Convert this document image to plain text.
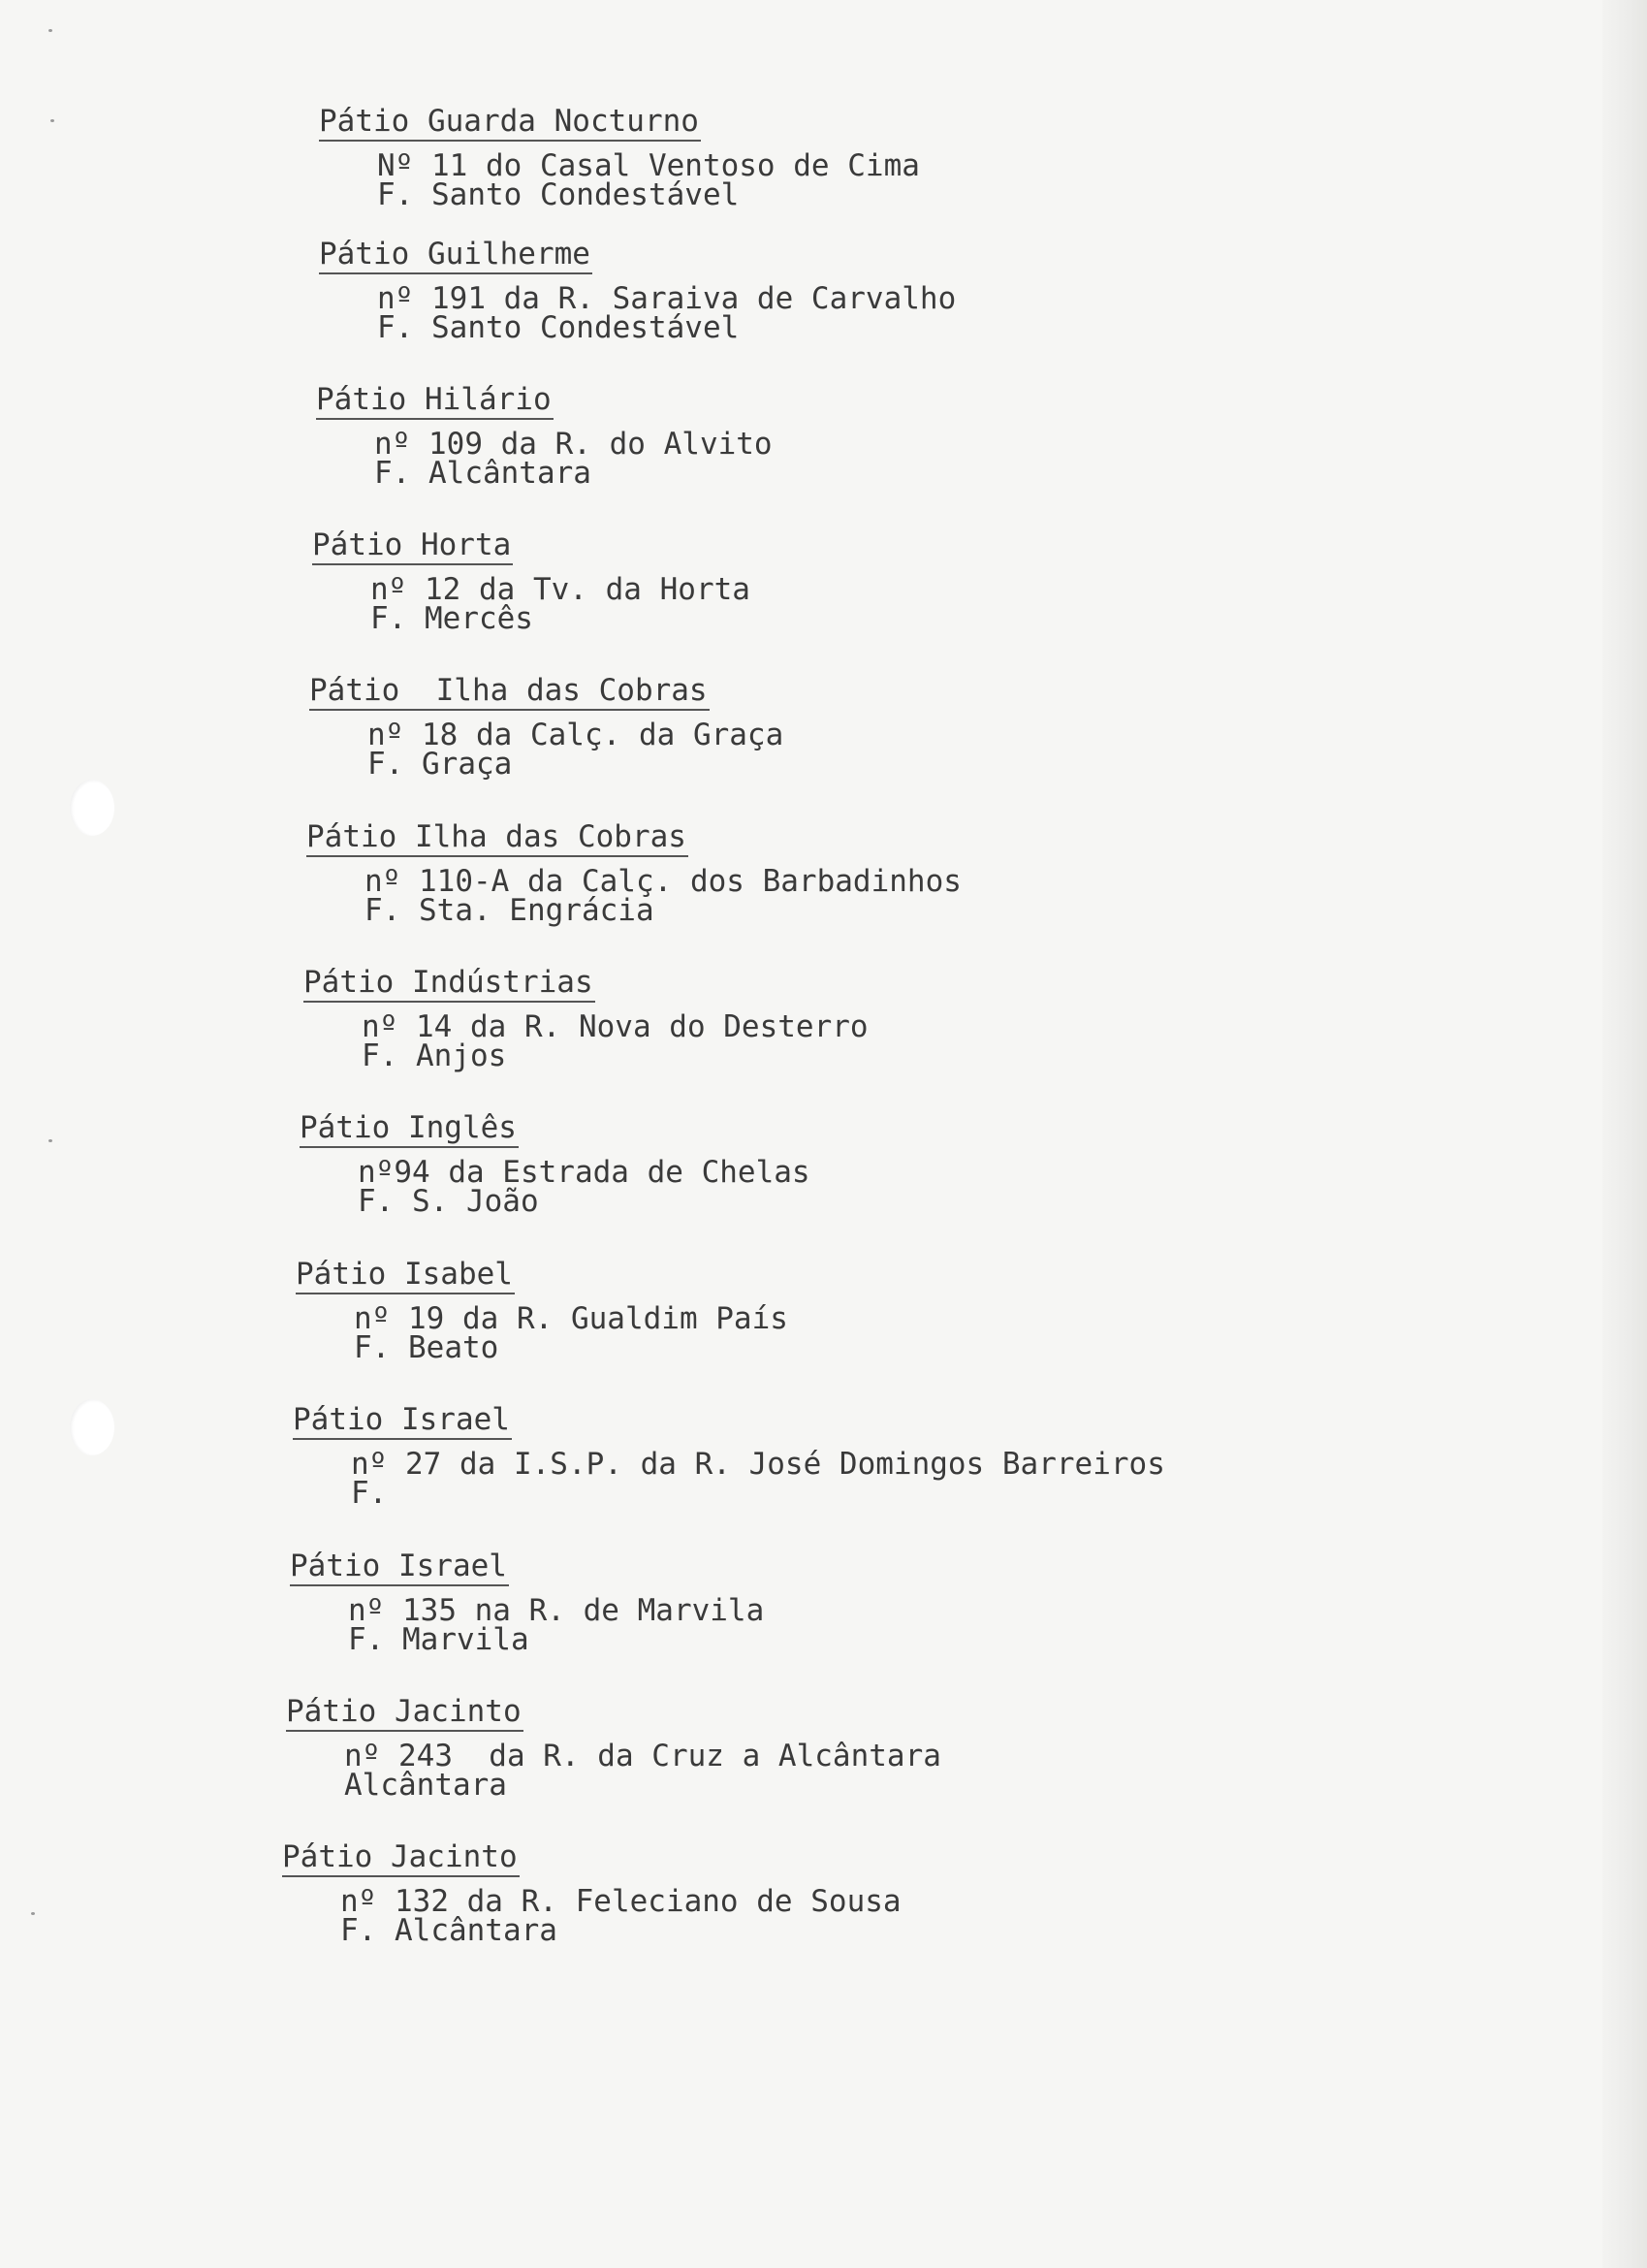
Pátio Guarda Nocturno
Nº 11 do Casal Ventoso de Cima
F. Santo Condestável
Pátio Guilherme
nº 191 da R. Saraiva de Carvalho
F. Santo Condestável
Pátio Hilário
nº 109 da R. do Alvito
F. Alcântara
Pátio Horta
nº 12 da Tv. da Horta
F. Mercês
Pátio  Ilha das Cobras
nº 18 da Calç. da Graça
F. Graça
Pátio Ilha das Cobras
nº 110-A da Calç. dos Barbadinhos
F. Sta. Engrácia
Pátio Indústrias
nº 14 da R. Nova do Desterro
F. Anjos
Pátio Inglês
nº94 da Estrada de Chelas
F. S. João
Pátio Isabel
nº 19 da R. Gualdim País
F. Beato
Pátio Israel
nº 27 da I.S.P. da R. José Domingos Barreiros
F.
Pátio Israel
nº 135 na R. de Marvila
F. Marvila
Pátio Jacinto
nº 243  da R. da Cruz a Alcântara
Alcântara
Pátio Jacinto
nº 132 da R. Feleciano de Sousa
F. Alcântara
